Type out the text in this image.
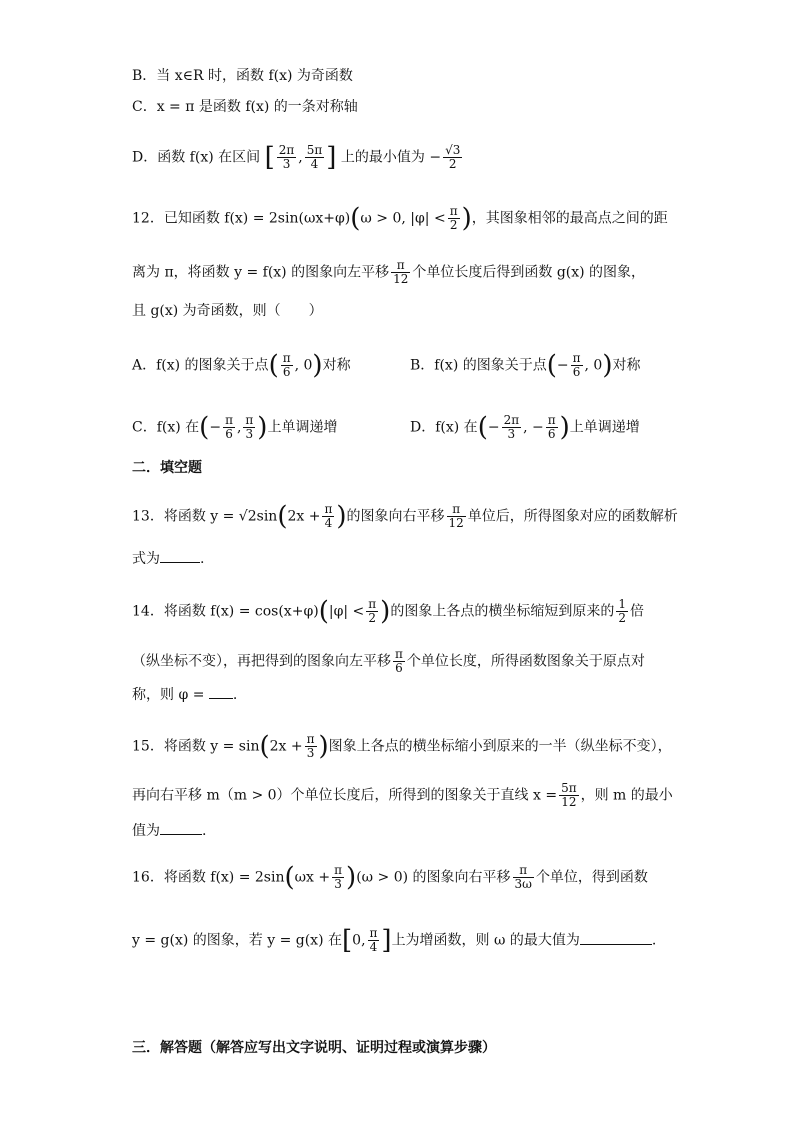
B．当 x∈R 时，函数 f(x) 为奇函数
C．x = π 是函数 f(x) 的一条对称轴
D．函数 f(x) 在区间 [ $\frac{2\pi}{3}$ , $\frac{5\pi}{4}$ ] 上的最小值为 − $\frac{√3}{2}$
12．已知函数 f(x) = 2sin(ωx+φ)(ω > 0, $|\varphi| < \frac{\pi}{2}$ )，其图象相邻的最高点之间的距
离为 π，将函数 y = f(x) 的图象向左平移 $\frac{\pi}{12}$ 个单位长度后得到函数 g(x) 的图象，
且 g(x) 为奇函数，则（　　）
A．f(x) 的图象关于点( $\frac{\pi}{6}$ , 0)对称	B．f(x) 的图象关于点(− $\frac{\pi}{6}$ , 0)对称
C．f(x) 在(− $\frac{\pi}{6}$ , $\frac{\pi}{3}$ )上单调递增	D．f(x) 在(− $\frac{2\pi}{3}$ , − $\frac{\pi}{6}$ )上单调递增
二．填空题
13．将函数 $y = √2\sin(2x + \frac{\pi}{4}$ )的图象向右平移 $\frac{\pi}{12}$ 单位后，所得图象对应的函数解析
式为	.
14．将函数 $f(x) = \cos(x+\varphi)(|\varphi| < \frac{\pi}{2}$ )的图象上各点的横坐标缩短到原来的 $\frac{1}{2}$ 倍
（纵坐标不变），再把得到的图象向左平移 $\frac{\pi}{6}$ 个单位长度，所得函数图象关于原点对
称，则 φ = .
15．将函数 $y = \sin(2x + \frac{\pi}{3}$ )图象上各点的横坐标缩小到原来的一半（纵坐标不变），
再向右平移 m（m > 0）个单位长度后，所得到的图象关于直线 $x = \frac{5\pi}{12}$ ，则 m 的最小
值为	.
16．将函数 $f(x) = 2\sin(\omega x + \frac{\pi}{3} )(\omega > 0)$ 的图象向右平移 $\frac{\pi}{3\omega}$ 个单位，得到函数
y = g(x) 的图象，若 y = g(x) 在[0, $\frac{\pi}{4}$ ]上为增函数，则 ω 的最大值为	.
三．解答题（解答应写出文字说明、证明过程或演算步骤）
